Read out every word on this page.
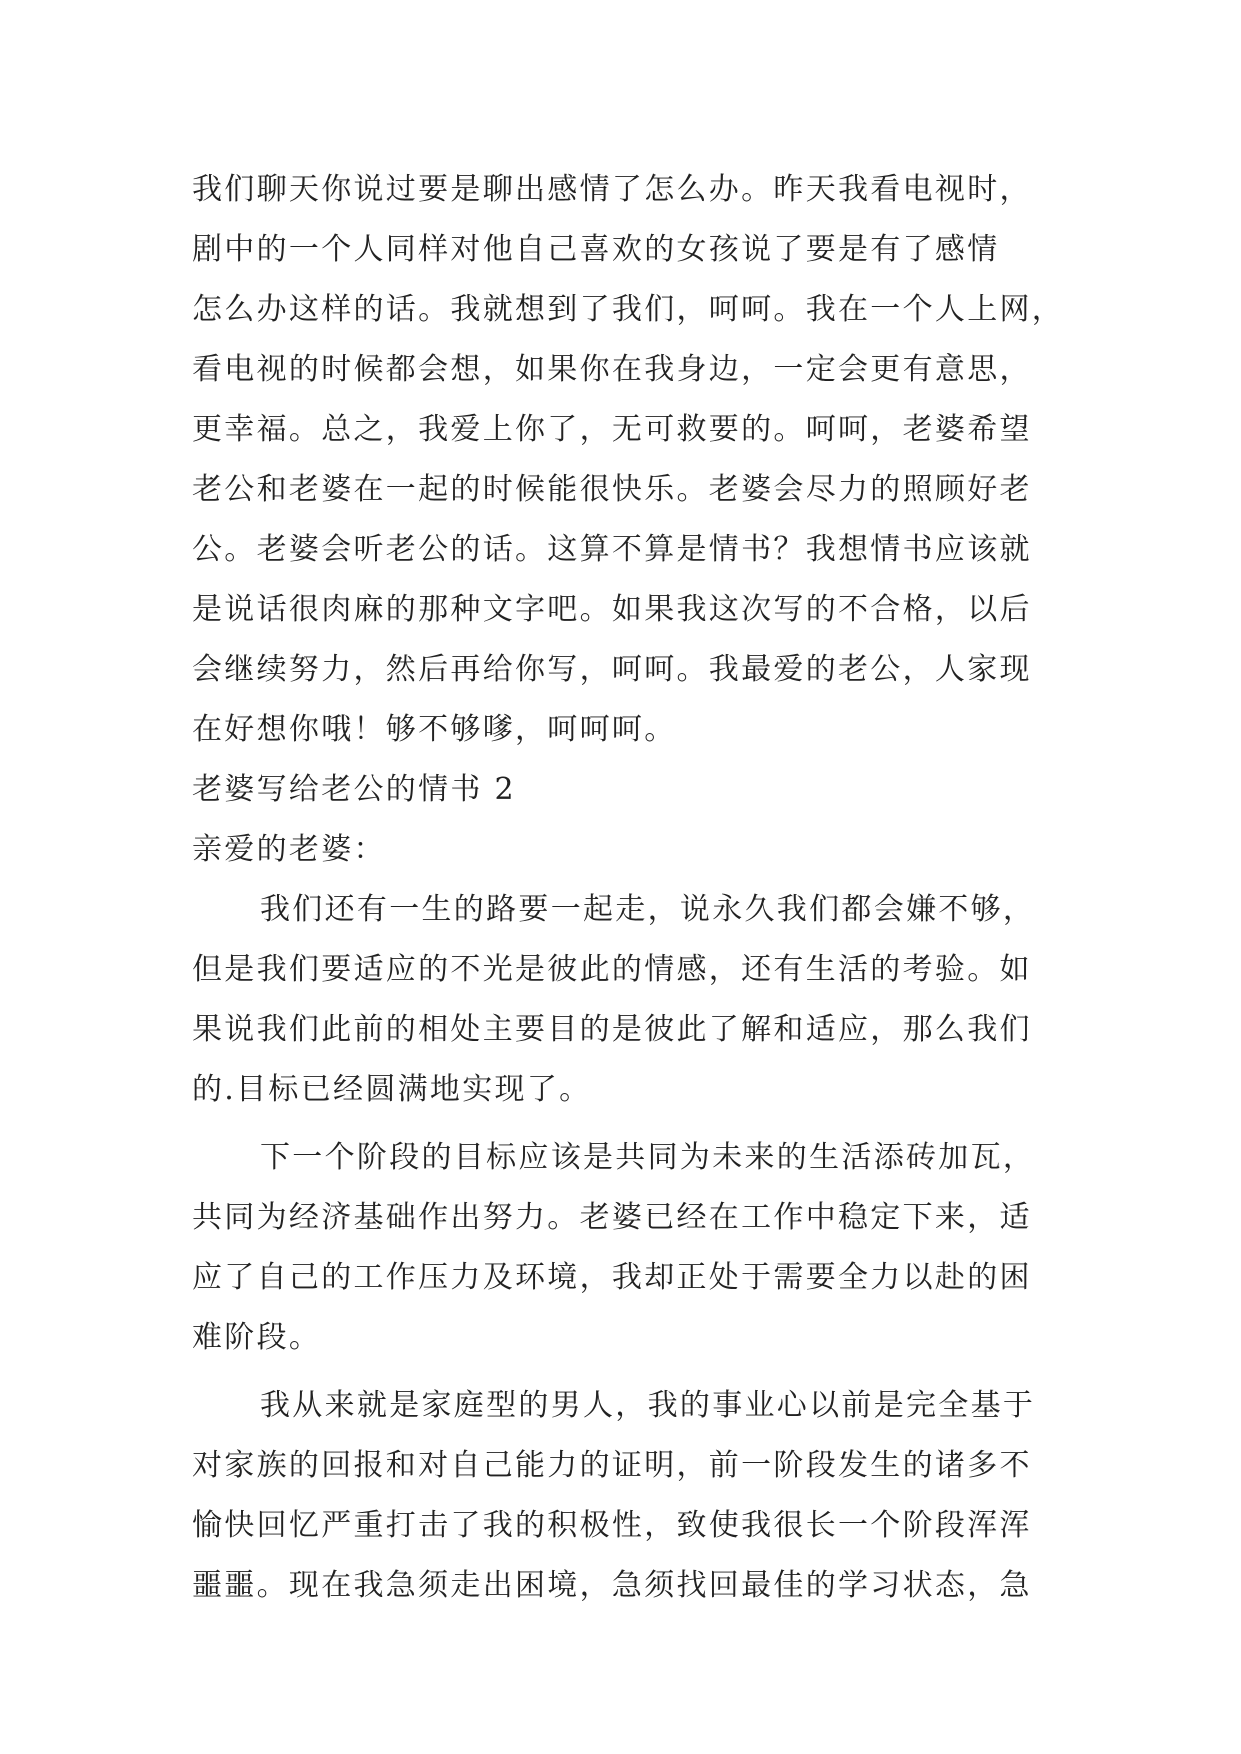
我们聊天你说过要是聊出感情了怎么办。昨天我看电视时，
剧中的一个人同样对他自己喜欢的女孩说了要是有了感情
怎么办这样的话。我就想到了我们，呵呵。我在一个人上网，
看电视的时候都会想，如果你在我身边，一定会更有意思，
更幸福。总之，我爱上你了，无可救要的。呵呵，老婆希望
老公和老婆在一起的时候能很快乐。老婆会尽力的照顾好老
公。老婆会听老公的话。这算不算是情书？我想情书应该就
是说话很肉麻的那种文字吧。如果我这次写的不合格，以后
会继续努力，然后再给你写，呵呵。我最爱的老公，人家现
在好想你哦！够不够嗲，呵呵呵。
老婆写给老公的情书 2
亲爱的老婆：
我们还有一生的路要一起走，说永久我们都会嫌不够，
但是我们要适应的不光是彼此的情感，还有生活的考验。如
果说我们此前的相处主要目的是彼此了解和适应，那么我们
的.目标已经圆满地实现了。
下一个阶段的目标应该是共同为未来的生活添砖加瓦，
共同为经济基础作出努力。老婆已经在工作中稳定下来，适
应了自己的工作压力及环境，我却正处于需要全力以赴的困
难阶段。
我从来就是家庭型的男人，我的事业心以前是完全基于
对家族的回报和对自己能力的证明，前一阶段发生的诸多不
愉快回忆严重打击了我的积极性，致使我很长一个阶段浑浑
噩噩。现在我急须走出困境，急须找回最佳的学习状态，急
